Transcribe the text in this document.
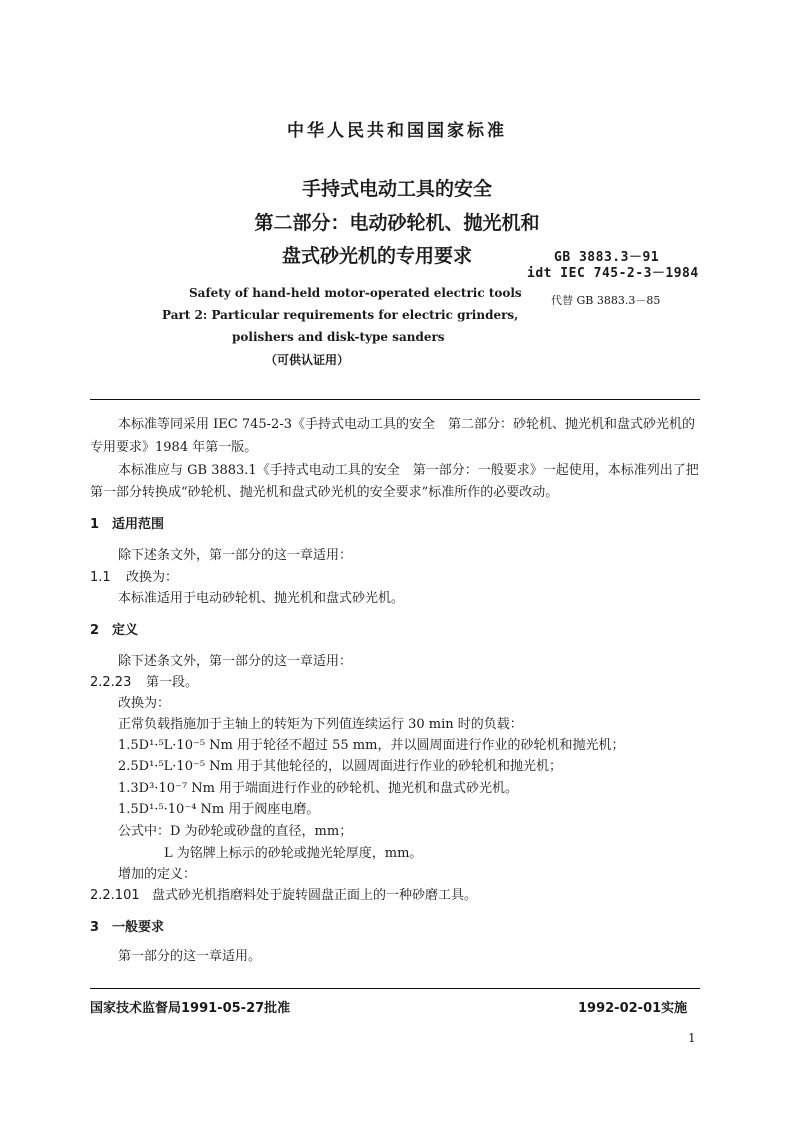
中华人民共和国国家标准
手持式电动工具的安全
第二部分：电动砂轮机、抛光机和
盘式砂光机的专用要求	GB 3883.3－91
idt IEC 745-2-3－1984
代替 GB 3883.3－85
Safety of hand-held motor-operated electric tools
Part 2: Particular requirements for electric grinders,
polishers and disk-type sanders
（可供认证用）
本标准等同采用 IEC 745-2-3《手持式电动工具的安全　第二部分：砂轮机、抛光机和盘式砂光机的
专用要求》1984 年第一版。
本标准应与 GB 3883.1《手持式电动工具的安全　第一部分：一般要求》一起使用，本标准列出了把
第一部分转换成“砂轮机、抛光机和盘式砂光机的安全要求”标准所作的必要改动。
1 适用范围
除下述条文外，第一部分的这一章适用：
1.1 改换为：
本标准适用于电动砂轮机、抛光机和盘式砂光机。
2 定义
除下述条文外，第一部分的这一章适用：
2.2.23 第一段。
改换为：
正常负载指施加于主轴上的转矩为下列值连续运行 30 min 时的负载：
1.5D¹·⁵L·10⁻⁵ Nm 用于轮径不超过 55 mm，并以圆周面进行作业的砂轮机和抛光机；
2.5D¹·⁵L·10⁻⁵ Nm 用于其他轮径的，以圆周面进行作业的砂轮机和抛光机；
1.3D³·10⁻⁷ Nm 用于端面进行作业的砂轮机、抛光机和盘式砂光机。
1.5D¹·⁵·10⁻⁴ Nm 用于阀座电磨。
公式中：D 为砂轮或砂盘的直径，mm；
L 为铭牌上标示的砂轮或抛光轮厚度，mm。
增加的定义：
2.2.101 盘式砂光机指磨料处于旋转圆盘正面上的一种砂磨工具。
3 一般要求
第一部分的这一章适用。
国家技术监督局1991-05-27批准	1992-02-01实施
1
